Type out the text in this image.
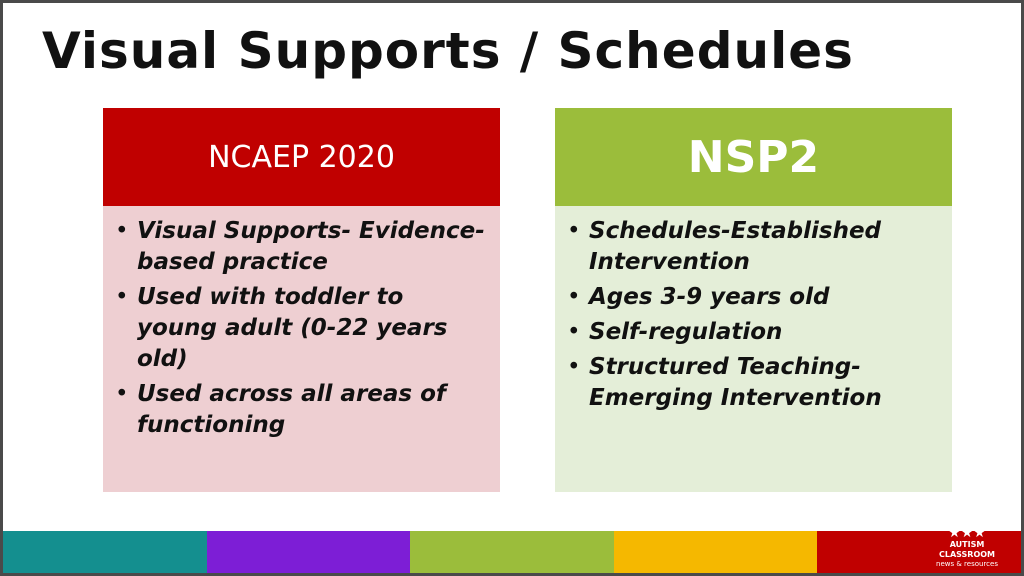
Visual Supports / Schedules
NCAEP 2020
• Visual Supports- Evidence-based practice
• Used with toddler to young adult (0-22 years old)
• Used across all areas of functioning
NSP2
• Schedules-Established Intervention
• Ages 3-9 years old
• Self-regulation
• Structured Teaching- Emerging Intervention
★★★
AUTISM CLASSROOM
news & resources
